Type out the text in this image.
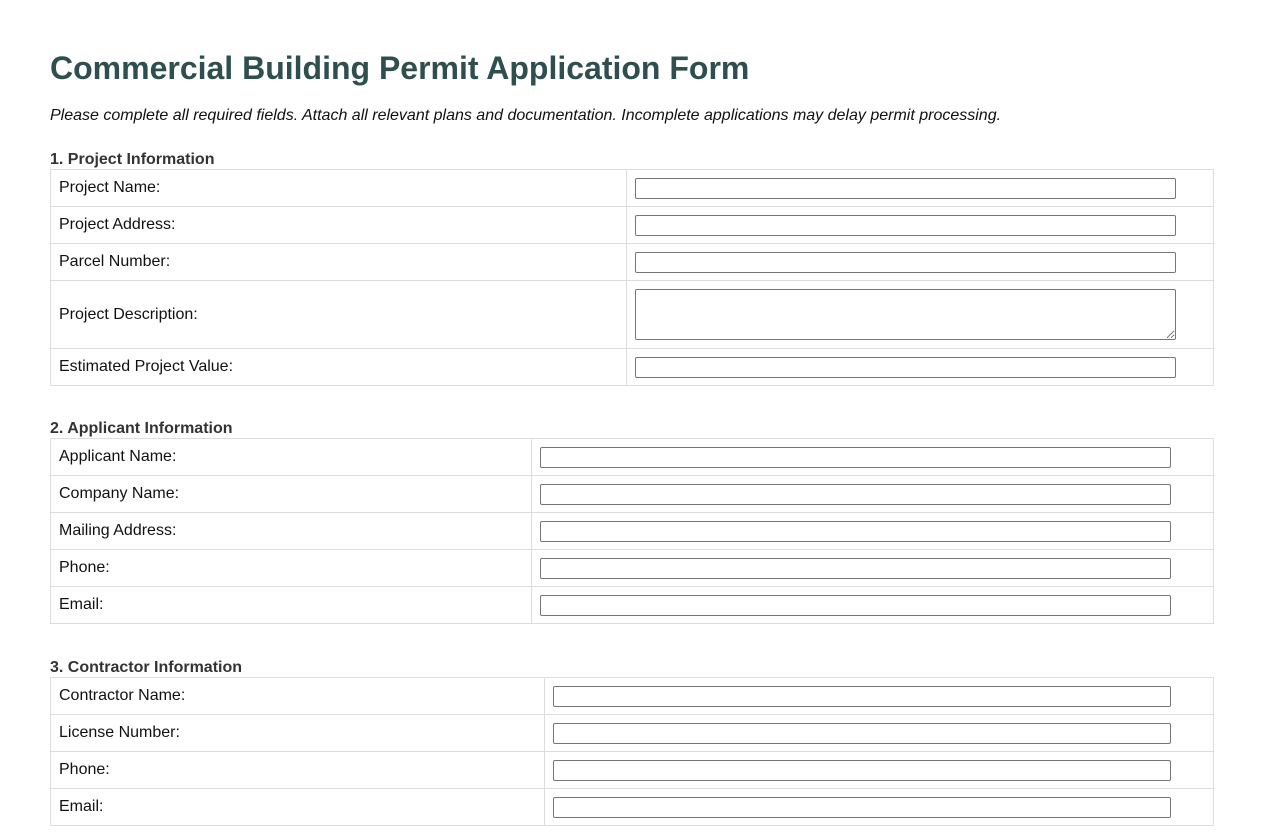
Commercial Building Permit Application Form

Please complete all required fields. Attach all relevant plans and documentation. Incomplete applications may delay permit processing.

1. Project Information
Project Name:	

Project Address:	

Parcel Number:	

Project Description:	

Estimated Project Value:	
2. Applicant Information
Applicant Name:	

Company Name:	

Mailing Address:	

Phone:	

Email:	
3. Contractor Information
Contractor Name:	

License Number:	

Phone:	

Email:	
